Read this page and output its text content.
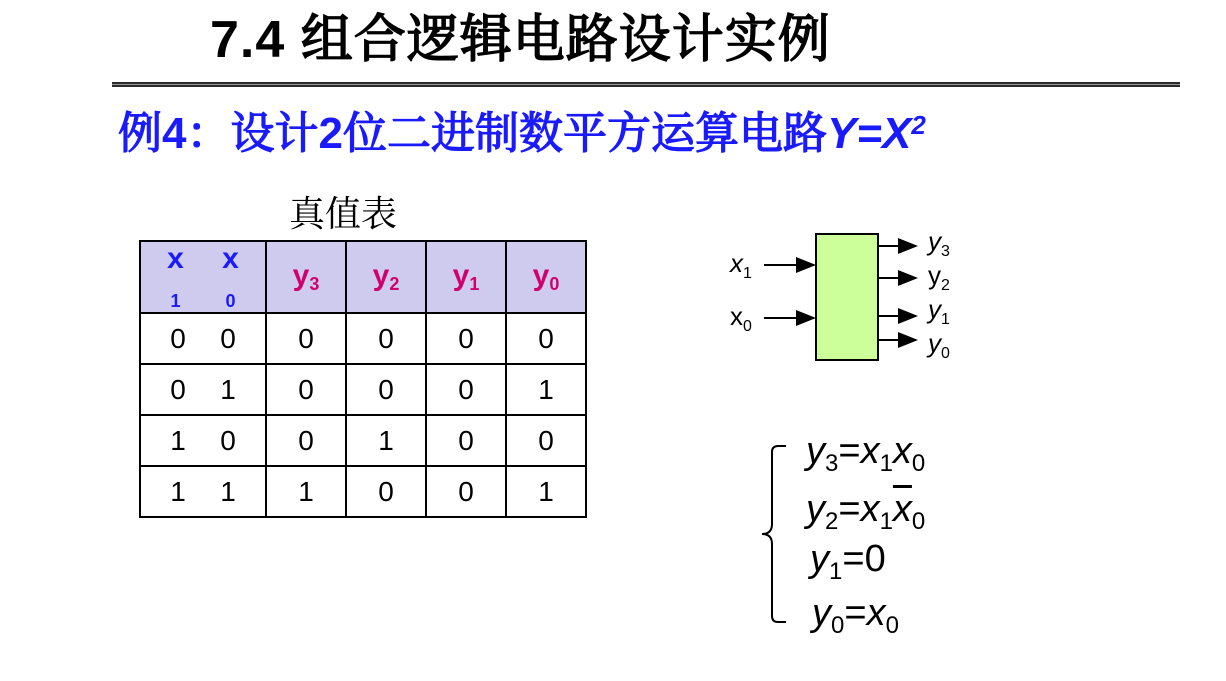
7.4 组合逻辑电路设计实例
例4：设计2位二进制数平方运算电路$Y=X^2$
真值表
$x_1x_0$	$y_3$	$y_2$	$y_1$	$y_0$
0 0	0	0	0	0
0 1	0	0	0	1
1 0	0	1	0	0
1 1	1	0	0	1
$x_1$
$x_0$
$y_3$
$y_2$
$y_1$
$y_0$
$y_3=x_1x_0$
$y_2=x_1\overline{x}_0$
$y_1=0$
$y_0=x_0$
